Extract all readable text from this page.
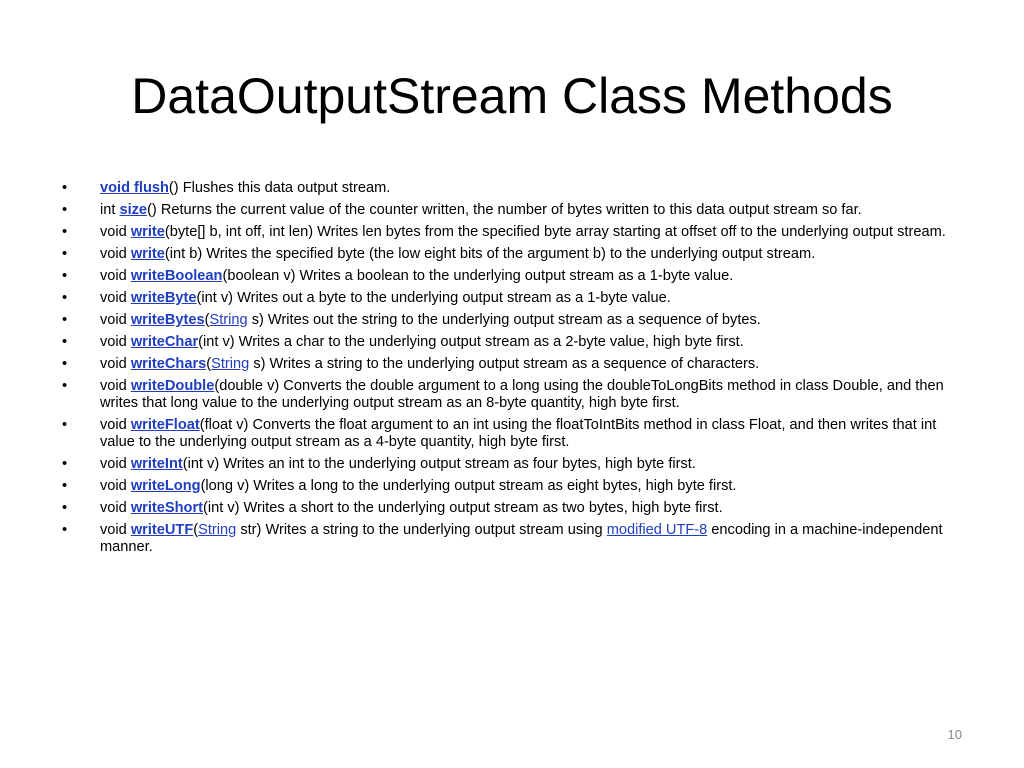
DataOutputStream Class Methods
•	void flush() Flushes this data output stream.
•	int size() Returns the current value of the counter written, the number of bytes written to this data output stream so far.
•	void write(byte[] b, int off, int len) Writes len bytes from the specified byte array starting at offset off to the underlying output stream.
•	void write(int b) Writes the specified byte (the low eight bits of the argument b) to the underlying output stream.
•	void writeBoolean(boolean v) Writes a boolean to the underlying output stream as a 1-byte value.
•	void writeByte(int v) Writes out a byte to the underlying output stream as a 1-byte value.
•	void writeBytes(String s) Writes out the string to the underlying output stream as a sequence of bytes.
•	void writeChar(int v) Writes a char to the underlying output stream as a 2-byte value, high byte first.
•	void writeChars(String s) Writes a string to the underlying output stream as a sequence of characters.
•	void writeDouble(double v) Converts the double argument to a long using the doubleToLongBits method in class Double, and then writes that long value to the underlying output stream as an 8-byte quantity, high byte first.
•	void writeFloat(float v) Converts the float argument to an int using the floatToIntBits method in class Float, and then writes that int value to the underlying output stream as a 4-byte quantity, high byte first.
•	void writeInt(int v) Writes an int to the underlying output stream as four bytes, high byte first.
•	void writeLong(long v) Writes a long to the underlying output stream as eight bytes, high byte first.
•	void writeShort(int v) Writes a short to the underlying output stream as two bytes, high byte first.
•	void writeUTF(String str) Writes a string to the underlying output stream using modified UTF-8 encoding in a machine-independent manner.
10
